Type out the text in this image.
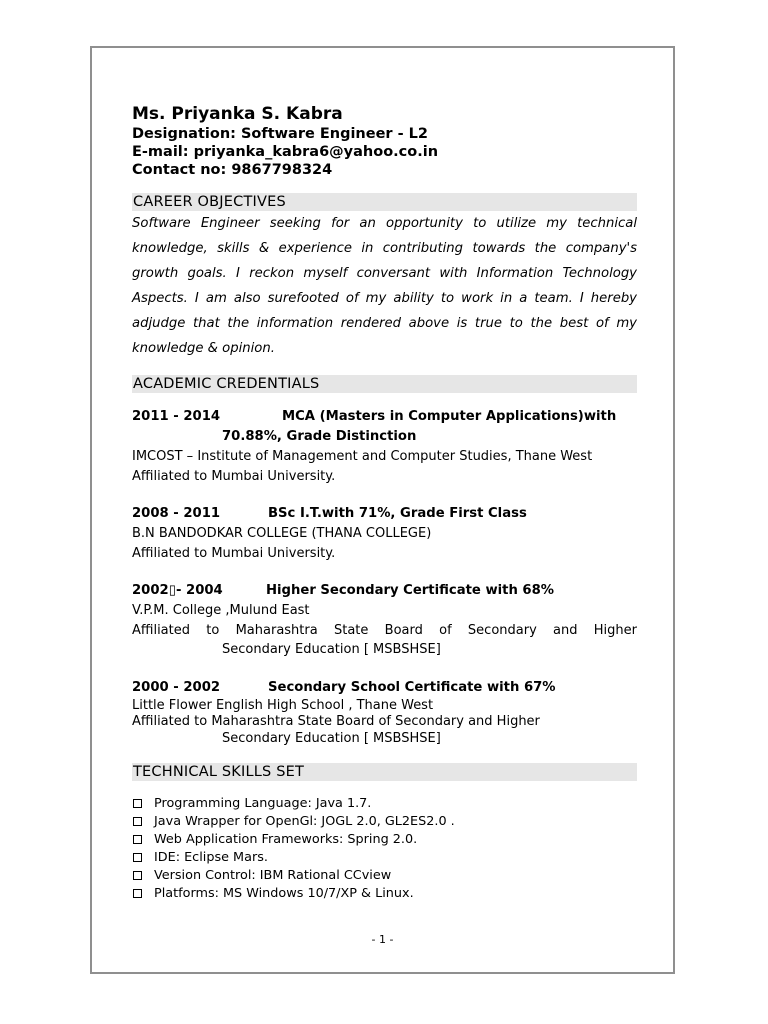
Ms. Priyanka S. Kabra
Designation: Software Engineer - L2
E-mail: priyanka_kabra6@yahoo.co.in
Contact no: 9867798324
CAREER OBJECTIVES

Software Engineer seeking for an opportunity to utilize my technical knowledge, skills & experience in contributing towards the company's growth goals. I reckon myself conversant with Information Technology Aspects. I am also surefooted of my ability to work in a team. I hereby adjudge that the information rendered above is true to the best of my knowledge & opinion.

ACADEMIC CREDENTIALS
2011 - 2014	MCA (Masters in Computer Applications)with
70.88%, Grade Distinction
IMCOST – Institute of Management and Computer Studies, Thane West
Affiliated to Mumbai University.
2008 - 2011	BSc I.T.with 71%, Grade First Class
B.N BANDODKAR COLLEGE (THANA COLLEGE)
Affiliated to Mumbai University.
2002▯- 2004	Higher Secondary Certificate with 68%
V.P.M. College ,Mulund East
Affiliated to Maharashtra State Board of Secondary and Higher
Secondary Education [ MSBSHSE]
2000 - 2002	Secondary School Certificate with 67%
Little Flower English High School , Thane West
Affiliated to Maharashtra State Board of Secondary and Higher
Secondary Education [ MSBSHSE]
TECHNICAL SKILLS SET
Programming Language: Java 1.7.
Java Wrapper for OpenGl: JOGL 2.0, GL2ES2.0 .
Web Application Frameworks: Spring 2.0.
IDE: Eclipse Mars.
Version Control: IBM Rational CCview
Platforms: MS Windows 10/7/XP & Linux.
- 1 -
